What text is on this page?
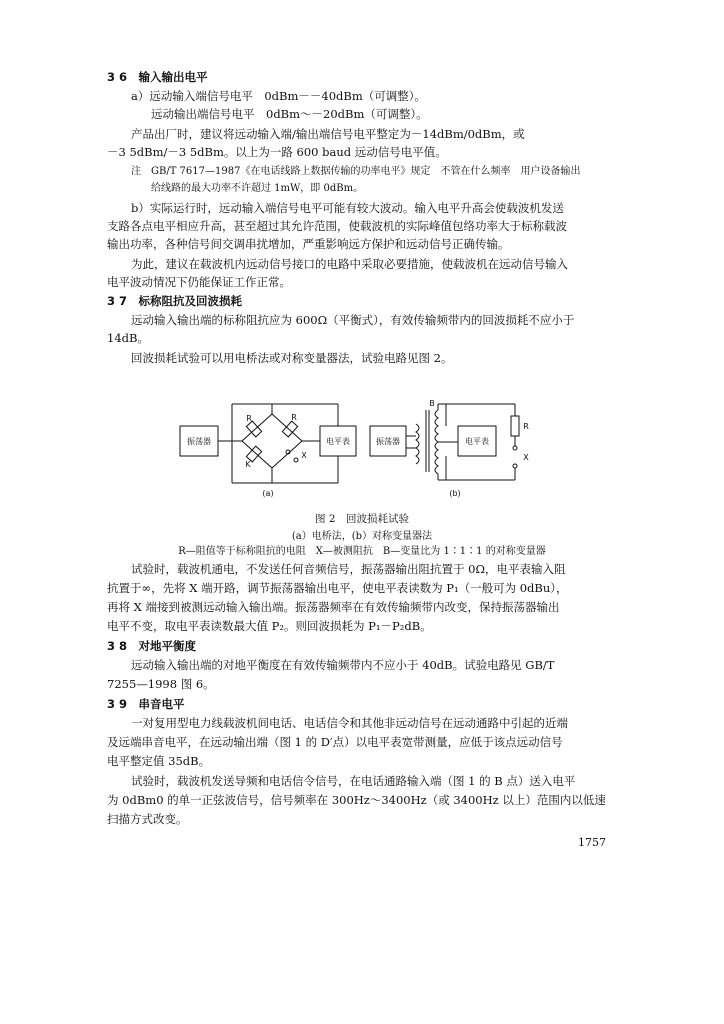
3 6　输入输出电平
a）远动输入端信号电平　0dBm－－40dBm（可调整）。
远动输出端信号电平　0dBm～－20dBm（可调整）。
产品出厂时，建议将远动输入端/输出端信号电平整定为－14dBm/0dBm，或
－3 5dBm/－3 5dBm。以上为一路 600 baud 远动信号电平值。
注　GB/T 7617—1987《在电话线路上数据传输的功率电平》规定　不管在什么频率　用户设备输出
给线路的最大功率不许超过 1mW，即 0dBm。
b）实际运行时，远动输入端信号电平可能有较大波动。输入电平升高会使载波机发送
支路各点电平相应升高，甚至超过其允许范围，使载波机的实际峰值包络功率大于标称载波
输出功率，各种信号间交调串扰增加，严重影响远方保护和远动信号正确传输。
为此，建议在载波机内远动信号接口的电路中采取必要措施，使载波机在远动信号输入
电平波动情况下仍能保证工作正常。
3 7　标称阻抗及回波损耗
远动输入输出端的标称阻抗应为 600Ω（平衡式），有效传输频带内的回波损耗不应小于
14dB。
回波损耗试验可以用电桥法或对称变量器法，试验电路见图 2。
振荡器	电平表	振荡器	电平表
R	R
K
X
R
X
B
(a)	(b)
图 2　回波损耗试验
(a）电桥法，(b）对称变量器法
R—阻值等于标称阻抗的电阻　X—被测阻抗　B—变量比为 1∶1∶1 的对称变量器
试验时，载波机通电，不发送任何音频信号，振荡器输出阻抗置于 0Ω，电平表输入阻
抗置于∞，先将 X 端开路，调节振荡器输出电平，使电平表读数为 P₁（一般可为 0dBu），
再将 X 端接到被测远动输入输出端。振荡器频率在有效传输频带内改变，保持振荡器输出
电平不变，取电平表读数最大值 P₂。则回波损耗为 P₁－P₂dB。
3 8　对地平衡度
远动输入输出端的对地平衡度在有效传输频带内不应小于 40dB。试验电路见 GB/T
7255—1998 图 6。
3 9　串音电平
一对复用型电力线载波机间电话、电话信令和其他非远动信号在远动通路中引起的近端
及远端串音电平，在远动输出端（图 1 的 D′点）以电平表宽带测量，应低于该点远动信号
电平整定值 35dB。
试验时，载波机发送导频和电话信令信号，在电话通路输入端（图 1 的 B 点）送入电平
为 0dBm0 的单一正弦波信号，信号频率在 300Hz～3400Hz（或 3400Hz 以上）范围内以低速
扫描方式改变。
1757
